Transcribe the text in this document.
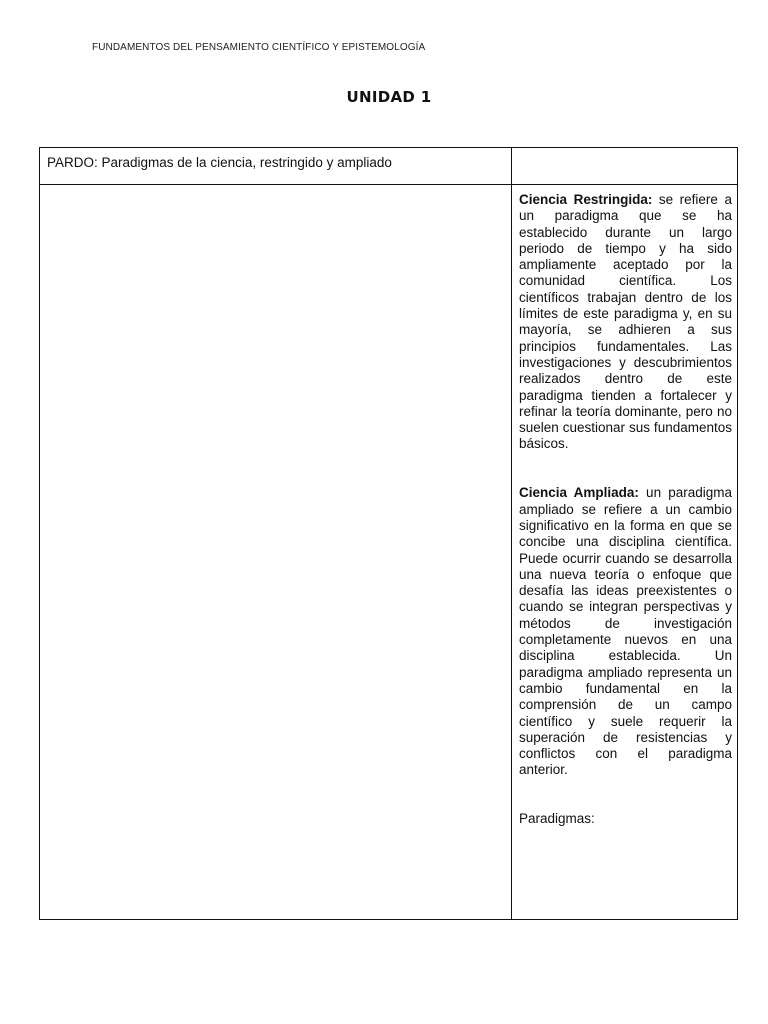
FUNDAMENTOS DEL PENSAMIENTO CIENTÍFICO Y EPISTEMOLOGÍA
UNIDAD 1
PARDO: Paradigmas de la ciencia, restringido y ampliado

Ciencia Restringida: se refiere a un paradigma que se ha establecido durante un largo periodo de tiempo y ha sido ampliamente aceptado por la comunidad científica. Los científicos trabajan dentro de los límites de este paradigma y, en su mayoría, se adhieren a sus principios fundamentales. Las investigaciones y descubrimientos realizados dentro de este paradigma tienden a fortalecer y refinar la teoría dominante, pero no suelen cuestionar sus fundamentos básicos.

Ciencia Ampliada: un paradigma ampliado se refiere a un cambio significativo en la forma en que se concibe una disciplina científica. Puede ocurrir cuando se desarrolla una nueva teoría o enfoque que desafía las ideas preexistentes o cuando se integran perspectivas y métodos de investigación completamente nuevos en una disciplina establecida. Un paradigma ampliado representa un cambio fundamental en la comprensión de un campo científico y suele requerir la superación de resistencias y conflictos con el paradigma anterior.

Paradigmas:
